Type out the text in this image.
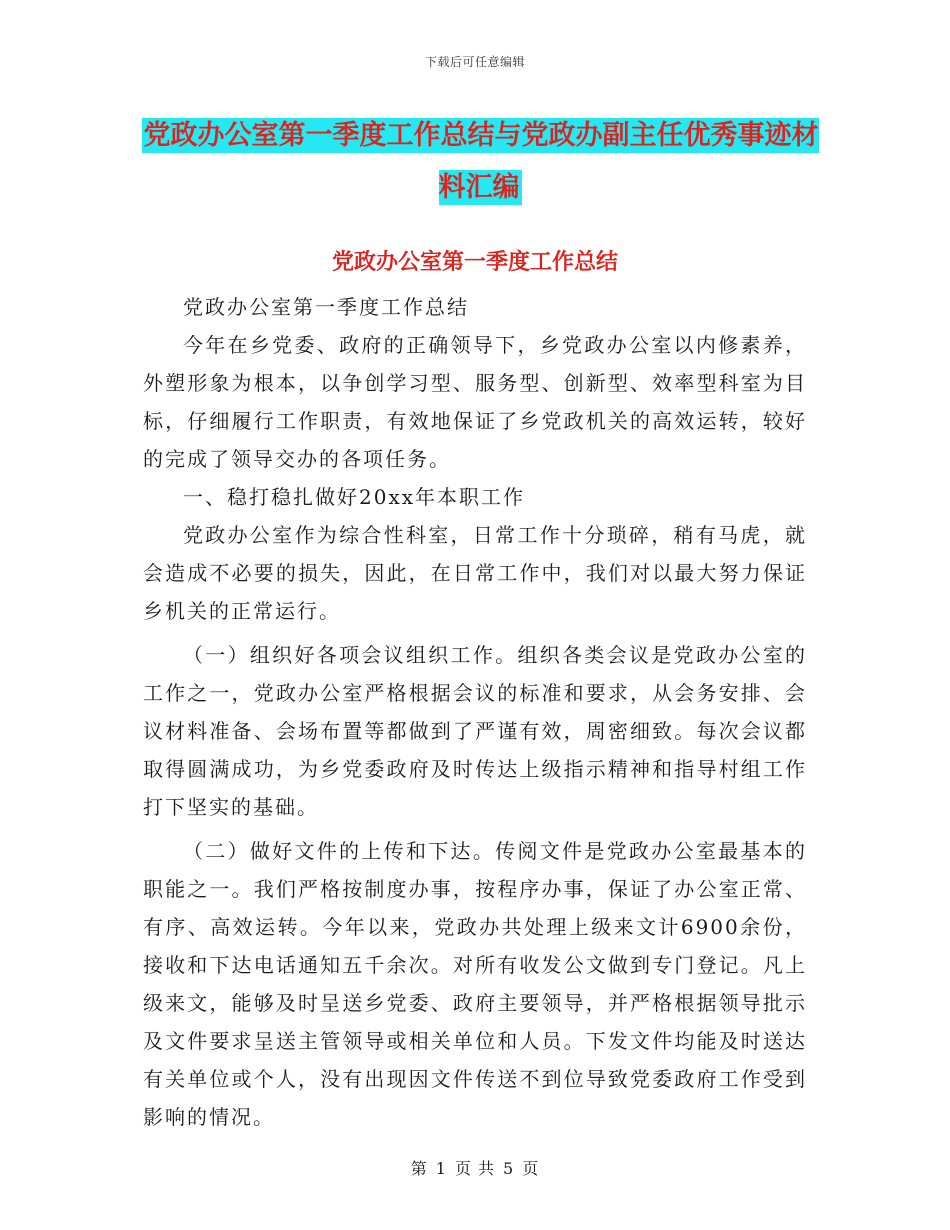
下载后可任意编辑
党政办公室第一季度工作总结与党政办副主任优秀事迹材料汇编
党政办公室第一季度工作总结

党政办公室第一季度工作总结

今年在乡党委、政府的正确领导下，乡党政办公室以内修素养，外塑形象为根本，以争创学习型、服务型、创新型、效率型科室为目标，仔细履行工作职责，有效地保证了乡党政机关的高效运转，较好的完成了领导交办的各项任务。

一、稳打稳扎做好20xx年本职工作

党政办公室作为综合性科室，日常工作十分琐碎，稍有马虎，就会造成不必要的损失，因此，在日常工作中，我们对以最大努力保证乡机关的正常运行。

（一）组织好各项会议组织工作。组织各类会议是党政办公室的工作之一，党政办公室严格根据会议的标准和要求，从会务安排、会议材料准备、会场布置等都做到了严谨有效，周密细致。每次会议都取得圆满成功，为乡党委政府及时传达上级指示精神和指导村组工作打下坚实的基础。

（二）做好文件的上传和下达。传阅文件是党政办公室最基本的职能之一。我们严格按制度办事，按程序办事，保证了办公室正常、有序、高效运转。今年以来，党政办共处理上级来文计6900余份，接收和下达电话通知五千余次。对所有收发公文做到专门登记。凡上级来文，能够及时呈送乡党委、政府主要领导，并严格根据领导批示及文件要求呈送主管领导或相关单位和人员。下发文件均能及时送达有关单位或个人，没有出现因文件传送不到位导致党委政府工作受到影响的情况。

第 1 页 共 5 页
